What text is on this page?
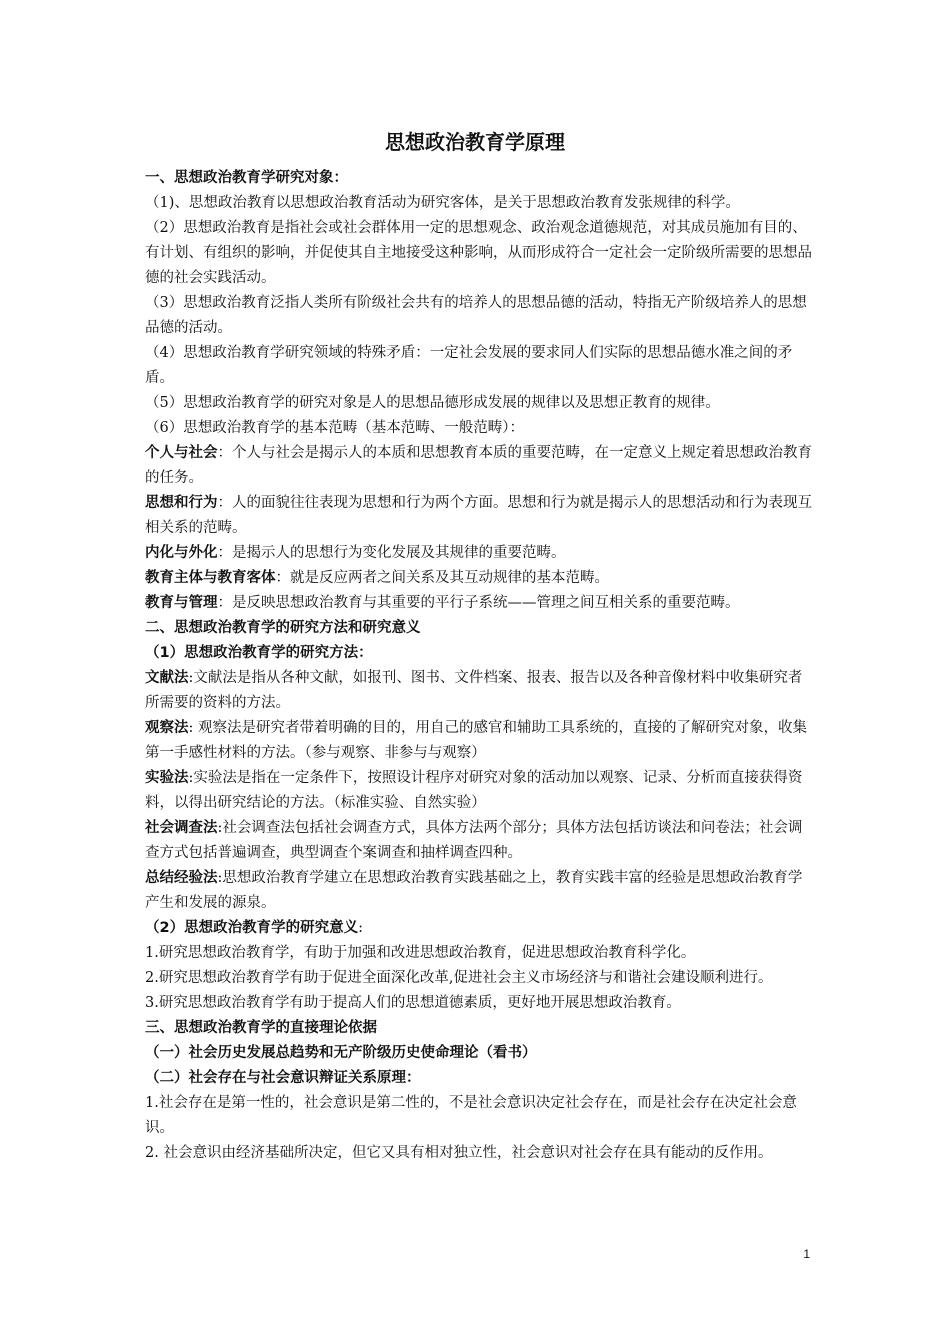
思想政治教育学原理

一、思想政治教育学研究对象：

（1)、思想政治教育以思想政治教育活动为研究客体，是关于思想政治教育发张规律的科学。

（2）思想政治教育是指社会或社会群体用一定的思想观念、政治观念道德规范，对其成员施加有目的、有计划、有组织的影响，并促使其自主地接受这种影响，从而形成符合一定社会一定阶级所需要的思想品德的社会实践活动。

（3）思想政治教育泛指人类所有阶级社会共有的培养人的思想品德的活动，特指无产阶级培养人的思想品德的活动。

（4）思想政治教育学研究领域的特殊矛盾：一定社会发展的要求同人们实际的思想品德水准之间的矛盾。

（5）思想政治教育学的研究对象是人的思想品德形成发展的规律以及思想正教育的规律。

（6）思想政治教育学的基本范畴（基本范畴、一般范畴）：

个人与社会：个人与社会是揭示人的本质和思想教育本质的重要范畴，在一定意义上规定着思想政治教育的任务。

思想和行为：人的面貌往往表现为思想和行为两个方面。思想和行为就是揭示人的思想活动和行为表现互相关系的范畴。

内化与外化：是揭示人的思想行为变化发展及其规律的重要范畴。

教育主体与教育客体：就是反应两者之间关系及其互动规律的基本范畴。

教育与管理：是反映思想政治教育与其重要的平行子系统——管理之间互相关系的重要范畴。

二、思想政治教育学的研究方法和研究意义

（1）思想政治教育学的研究方法：

文献法:文献法是指从各种文献，如报刊、图书、文件档案、报表、报告以及各种音像材料中收集研究者所需要的资料的方法。

观察法: 观察法是研究者带着明确的目的，用自己的感官和辅助工具系统的，直接的了解研究对象，收集第一手感性材料的方法。（参与观察、非参与与观察）

实验法:实验法是指在一定条件下，按照设计程序对研究对象的活动加以观察、记录、分析而直接获得资料，以得出研究结论的方法。（标准实验、自然实验）

社会调查法:社会调查法包括社会调查方式，具体方法两个部分；具体方法包括访谈法和问卷法；社会调查方式包括普遍调查，典型调查个案调查和抽样调查四种。

总结经验法:思想政治教育学建立在思想政治教育实践基础之上，教育实践丰富的经验是思想政治教育学产生和发展的源泉。

（2）思想政治教育学的研究意义:

1.研究思想政治教育学，有助于加强和改进思想政治教育，促进思想政治教育科学化。

2.研究思想政治教育学有助于促进全面深化改革,促进社会主义市场经济与和谐社会建设顺利进行。

3.研究思想政治教育学有助于提高人们的思想道德素质，更好地开展思想政治教育。

三、思想政治教育学的直接理论依据

（一）社会历史发展总趋势和无产阶级历史使命理论（看书）

（二）社会存在与社会意识辩证关系原理：

1.社会存在是第一性的，社会意识是第二性的，不是社会意识决定社会存在，而是社会存在决定社会意识。

2. 社会意识由经济基础所决定，但它又具有相对独立性，社会意识对社会存在具有能动的反作用。

1
